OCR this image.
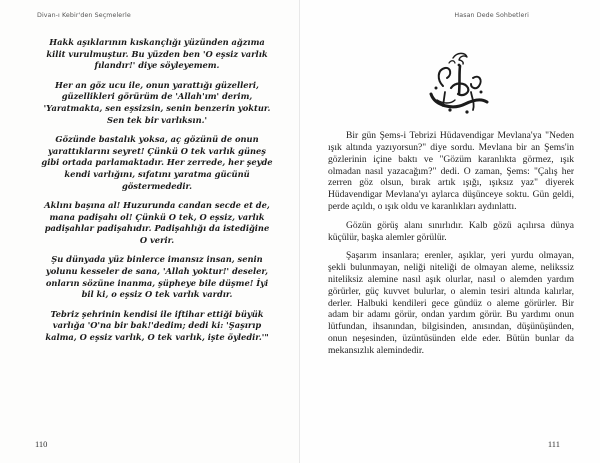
Divan-ı Kebir'den Seçmelerle

Hakk aşıklarının kıskançlığı yüzünden ağzıma
kilit vurulmuştur. Bu yüzden ben 'O eşsiz varlık
fılandır!' diye söyleyemem.

Her an göz ucu ile, onun yarattığı güzelleri,
güzellikleri görürüm de 'Allah'ım' derim,
'Yaratmakta, sen eşsizsin, senin benzerin yoktur.
Sen tek bir varlıksın.'

Gözünde bastalık yoksa, aç gözünü de onun
yarattıklarını seyret! Çünkü O tek varlık güneş
gibi ortada parlamaktadır. Her zerrede, her şeyde
kendi varlığını, sıfatını yaratma gücünü
göstermededir.

Aklını başına al! Huzurunda candan secde et de,
mana padişahı ol! Çünkü O tek, O eşsiz, varlık
padişahlar padişahıdır. Padişahlığı da istediğine
O verir.

Şu dünyada yüz binlerce imansız insan, senin
yolunu kesseler de sana, 'Allah yoktur!' deseler,
onların sözüne inanma, şüpheye bile düşme! İyi
bil ki, o eşsiz O tek varlık vardır.

Tebriz şehrinin kendisi ile iftihar ettiği büyük
varlığa 'O'na bir bak!'dedim; dedi ki: 'Şaşırıp
kalma, O eşsiz varlık, O tek varlık, işte öyledir.'"

110
Hasan Dede Sohbetleri

Bir gün Şems-i Tebrizi Hüdavendigar Mevlana'ya "Neden ışık altında yazıyorsun?" diye sordu. Mevlana bir an Şems'in gözlerinin içine baktı ve "Gözüm karanlıkta görmez, ışık olmadan nasıl yazacağım?" dedi. O zaman, Şems: "Çalış her zerren göz olsun, bırak artık ışığı, ışıksız yaz" diyerek Hüdavendigar Mevlana'yı aylarca düşünceye soktu. Gün geldi, perde açıldı, o ışık oldu ve karanlıkları aydınlattı.

Gözün görüş alanı sınırlıdır. Kalb gözü açılırsa dünya küçülür, başka alemler görülür.

Şaşarım insanlara; erenler, aşıklar, yeri yurdu olmayan, şekli bulunmayan, neliği niteliği de olmayan aleme, nelikssiz niteliksiz alemine nasıl aşık olurlar, nasıl o alemden yardım görürler, güç kuvvet bulurlar, o alemin tesiri altında kalırlar, derler. Halbuki kendileri gece gündüz o aleme görürler. Bir adam bir adamı görür, ondan yardım görür. Bu yardımı onun lütfundan, ihsanından, bilgisinden, anısından, düşünüşünden, onun neşesinden, üzüntüsünden elde eder. Bütün bunlar da mekansızlık alemindedir.

111
